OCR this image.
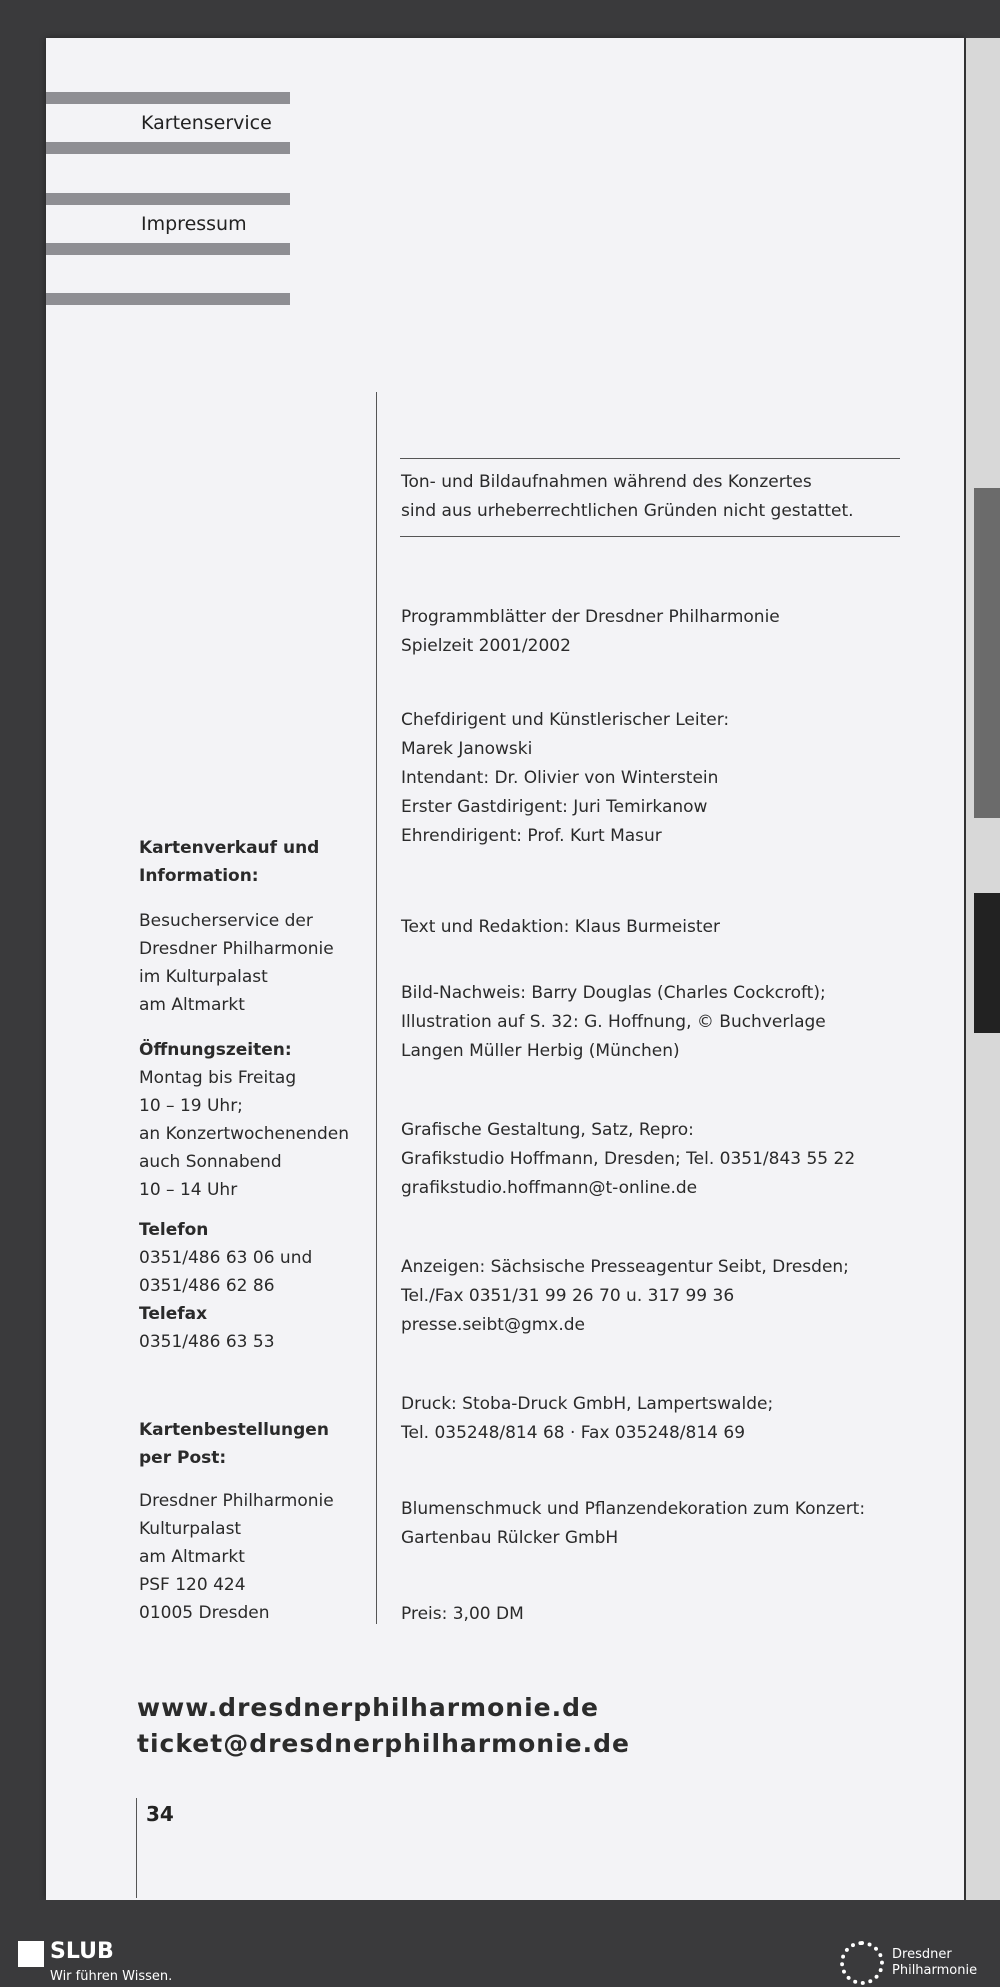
Kartenservice
Impressum
Kartenverkauf und
Information:
Besucherservice der
Dresdner Philharmonie
im Kulturpalast
am Altmarkt
Öffnungszeiten:
Montag bis Freitag
10 – 19 Uhr;
an Konzertwochenenden
auch Sonnabend
10 – 14 Uhr
Telefon
0351/486 63 06 und
0351/486 62 86
Telefax
0351/486 63 53
Kartenbestellungen
per Post:
Dresdner Philharmonie
Kulturpalast
am Altmarkt
PSF 120 424
01005 Dresden
Ton- und Bildaufnahmen während des Konzertes
sind aus urheberrechtlichen Gründen nicht gestattet.
Programmblätter der Dresdner Philharmonie
Spielzeit 2001/2002
Chefdirigent und Künstlerischer Leiter:
Marek Janowski
Intendant: Dr. Olivier von Winterstein
Erster Gastdirigent: Juri Temirkanow
Ehrendirigent: Prof. Kurt Masur
Text und Redaktion: Klaus Burmeister
Bild-Nachweis: Barry Douglas (Charles Cockcroft);
Illustration auf S. 32: G. Hoffnung, © Buchverlage
Langen Müller Herbig (München)
Grafische Gestaltung, Satz, Repro:
Grafikstudio Hoffmann, Dresden; Tel. 0351/843 55 22
grafikstudio.hoffmann@t-online.de
Anzeigen: Sächsische Presseagentur Seibt, Dresden;
Tel./Fax 0351/31 99 26 70 u. 317 99 36
presse.seibt@gmx.de
Druck: Stoba-Druck GmbH, Lampertswalde;
Tel. 035248/814 68 · Fax 035248/814 69
Blumenschmuck und Pflanzendekoration zum Konzert:
Gartenbau Rülcker GmbH
Preis: 3,00 DM
www.dresdnerphilharmonie.de
ticket@dresdnerphilharmonie.de
34
SLUB
Wir führen Wissen.
Dresdner
Philharmonie
